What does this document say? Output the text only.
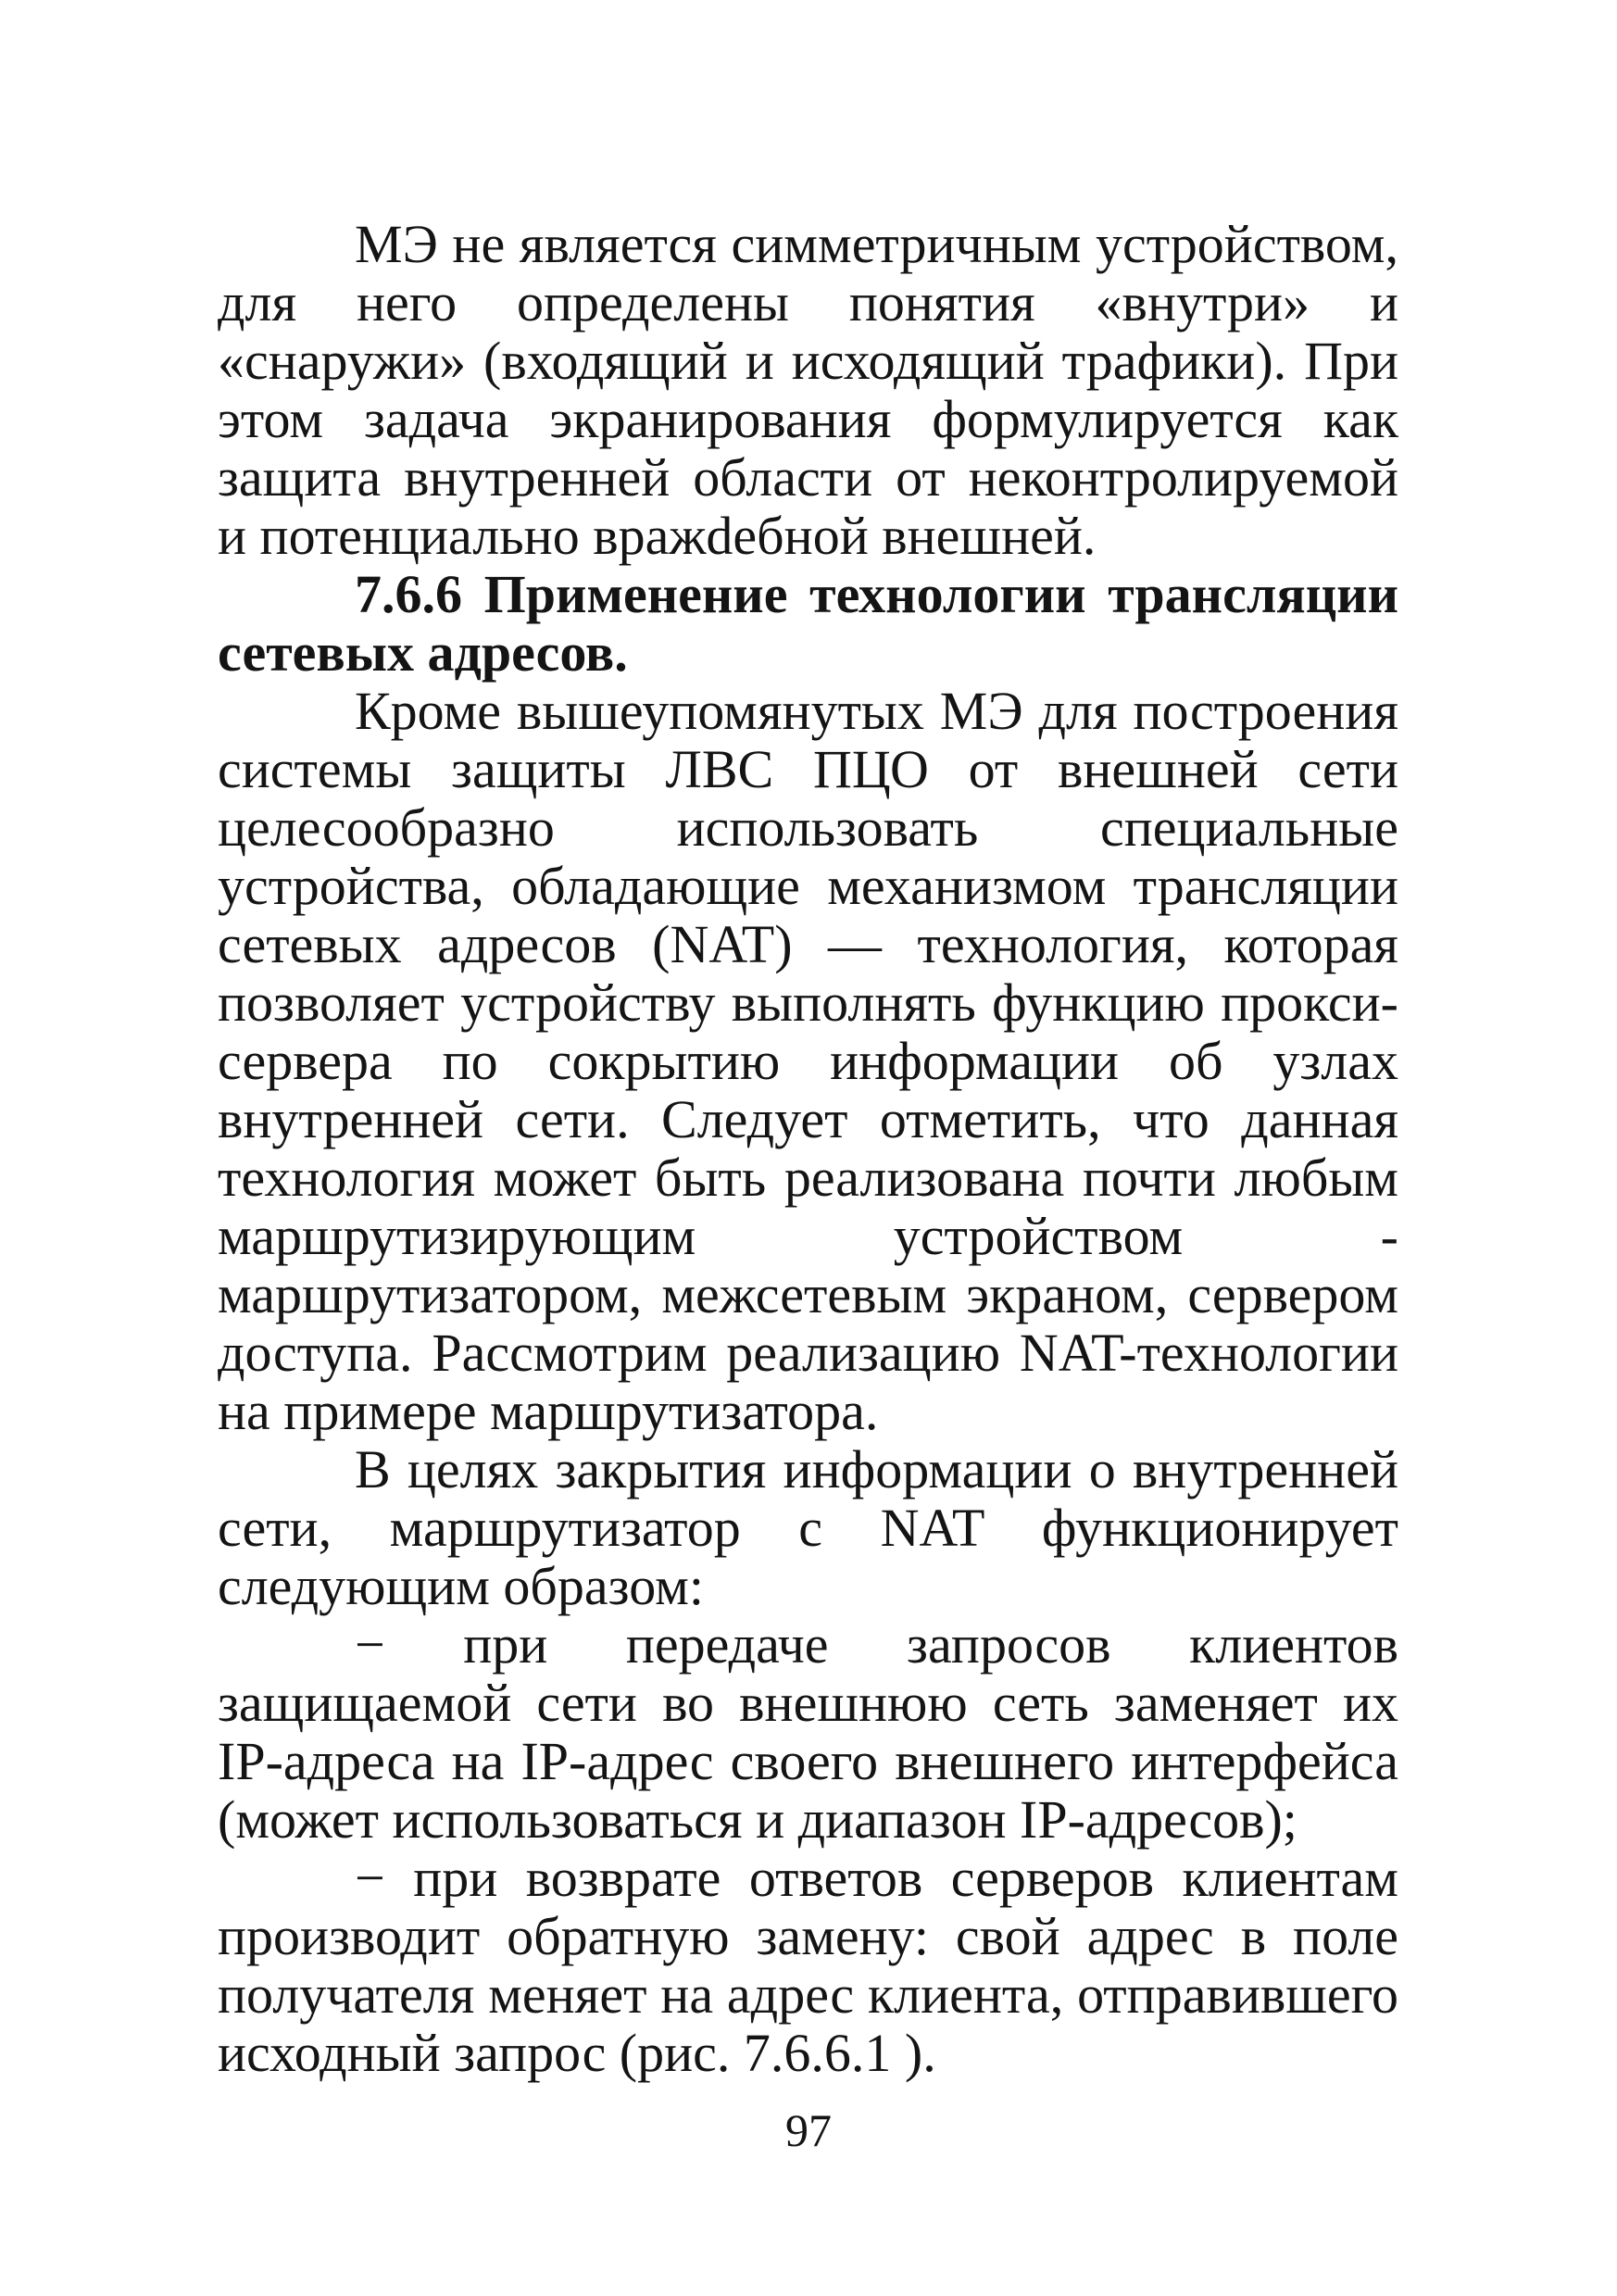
МЭ не является симметричным устройством, для него определены понятия «внутри» и «снаружи» (входящий и исходящий трафики). При этом задача экранирования формулируется как защита внутренней области от неконтролируемой и потенциально вражdебной внешней.

7.6.6 Применение технологии трансляции сетевых адресов.

Кроме вышеупомянутых МЭ для построения системы защиты ЛВС ПЦО от внешней сети целесообразно использовать специальные устройства, обладающие механизмом трансляции сетевых адресов (NAT) — технология, которая позволяет устройству выполнять функцию прокси-сервера по сокрытию информации об узлах внутренней сети. Следует отметить, что данная технология может быть реализована почти любым маршрутизирующим устройством - маршрутизатором, межсетевым экраном, сервером доступа. Рассмотрим реализацию NAT-технологии на примере маршрутизатора.

В целях закрытия информации о внутренней сети, маршрутизатор с NAT функционирует следующим образом:

− при передаче запросов клиентов защищаемой сети во внешнюю сеть заменяет их IP-адреса на IP-адрес своего внешнего интерфейса (может использоваться и диапазон IP-адресов);

− при возврате ответов серверов клиентам производит обратную замену: свой адрес в поле получателя меняет на адрес клиента, отправившего исходный запрос (рис. 7.6.6.1 ).

97
